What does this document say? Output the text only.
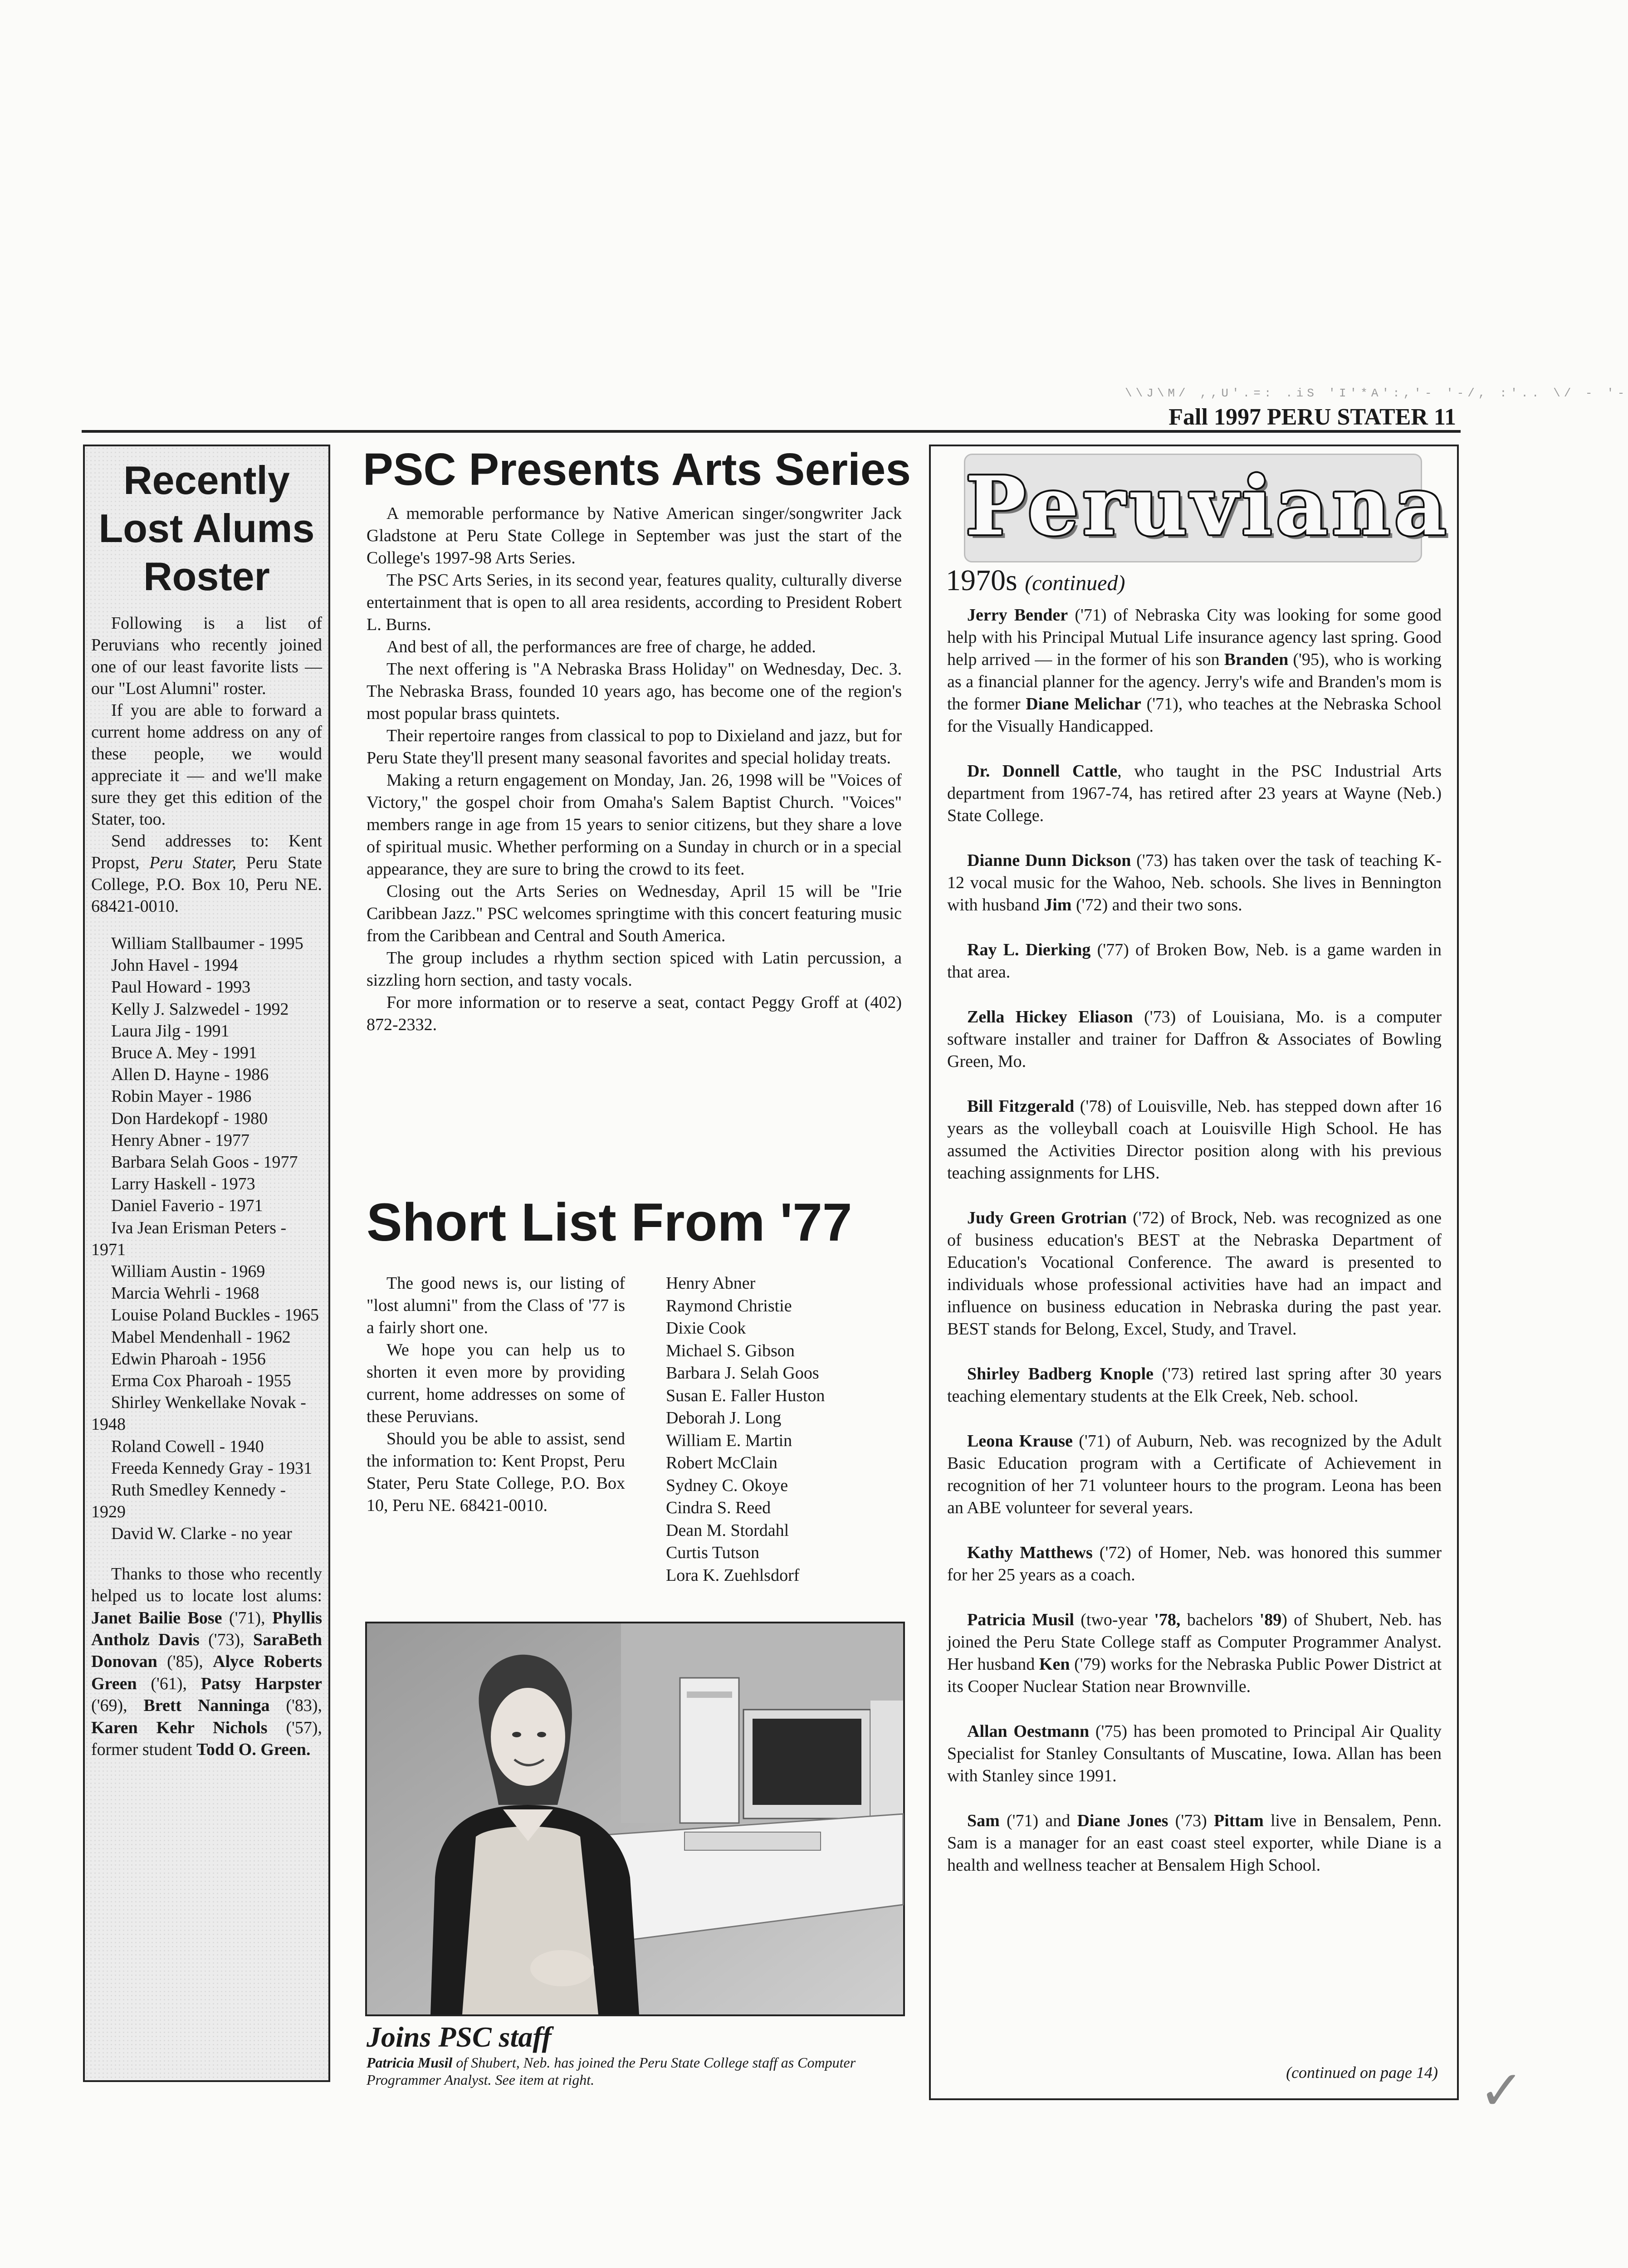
\\J\M/ ,,U'.=: .iS 'I'*A':,'- '-/, :'.. \/ - '-
Fall 1997 PERU STATER 11
Recently
Lost Alums
Roster

Following is a list of Peruvians who recently joined one of our least favorite lists — our "Lost Alumni" roster.

If you are able to forward a current home address on any of these people, we would appreciate it — and we'll make sure they get this edition of the Stater, too.

Send addresses to: Kent Propst, Peru Stater, Peru State College, P.O. Box 10, Peru NE. 68421-0010.

William Stallbaumer - 1995
John Havel - 1994
Paul Howard - 1993
Kelly J. Salzwedel - 1992
Laura Jilg - 1991
Bruce A. Mey - 1991
Allen D. Hayne - 1986
Robin Mayer - 1986
Don Hardekopf - 1980
Henry Abner - 1977
Barbara Selah Goos - 1977
Larry Haskell - 1973
Daniel Faverio - 1971
Iva Jean Erisman Peters - 1971
William Austin - 1969
Marcia Wehrli - 1968
Louise Poland Buckles - 1965
Mabel Mendenhall - 1962
Edwin Pharoah - 1956
Erma Cox Pharoah - 1955
Shirley Wenkellake Novak - 1948
Roland Cowell - 1940
Freeda Kennedy Gray - 1931
Ruth Smedley Kennedy - 1929
David W. Clarke - no year

Thanks to those who recently helped us to locate lost alums: Janet Bailie Bose ('71), Phyllis Antholz Davis ('73), SaraBeth Donovan ('85), Alyce Roberts Green ('61), Patsy Harpster ('69), Brett Nanninga ('83), Karen Kehr Nichols ('57), former student Todd O. Green.

PSC Presents Arts Series

A memorable performance by Native American singer/songwriter Jack Gladstone at Peru State College in September was just the start of the College's 1997-98 Arts Series.

The PSC Arts Series, in its second year, features quality, culturally diverse entertainment that is open to all area residents, according to President Robert L. Burns.

And best of all, the performances are free of charge, he added.

The next offering is "A Nebraska Brass Holiday" on Wednesday, Dec. 3. The Nebraska Brass, founded 10 years ago, has become one of the region's most popular brass quintets.

Their repertoire ranges from classical to pop to Dixieland and jazz, but for Peru State they'll present many seasonal favorites and special holiday treats.

Making a return engagement on Monday, Jan. 26, 1998 will be "Voices of Victory," the gospel choir from Omaha's Salem Baptist Church. "Voices" members range in age from 15 years to senior citizens, but they share a love of spiritual music. Whether performing on a Sunday in church or in a special appearance, they are sure to bring the crowd to its feet.

Closing out the Arts Series on Wednesday, April 15 will be "Irie Caribbean Jazz." PSC welcomes springtime with this concert featuring music from the Caribbean and Central and South America.

The group includes a rhythm section spiced with Latin percussion, a sizzling horn section, and tasty vocals.

For more information or to reserve a seat, contact Peggy Groff at (402) 872-2332.

Short List From '77

The good news is, our listing of "lost alumni" from the Class of '77 is a fairly short one.

We hope you can help us to shorten it even more by providing current, home addresses on some of these Peruvians.

Should you be able to assist, send the information to: Kent Propst, Peru Stater, Peru State College, P.O. Box 10, Peru NE. 68421-0010.

Henry Abner
Raymond Christie
Dixie Cook
Michael S. Gibson
Barbara J. Selah Goos
Susan E. Faller Huston
Deborah J. Long
William E. Martin
Robert McClain
Sydney C. Okoye
Cindra S. Reed
Dean M. Stordahl
Curtis Tutson
Lora K. Zuehlsdorf
Joins PSC staff

Patricia Musil of Shubert, Neb. has joined the Peru State College staff as Computer Programmer Analyst. See item at right.

Peruviana
1970s (continued)

Jerry Bender ('71) of Nebraska City was looking for some good help with his Principal Mutual Life insurance agency last spring. Good help arrived — in the former of his son Branden ('95), who is working as a financial planner for the agency. Jerry's wife and Branden's mom is the former Diane Melichar ('71), who teaches at the Nebraska School for the Visually Handicapped.

Dr. Donnell Cattle, who taught in the PSC Industrial Arts department from 1967-74, has retired after 23 years at Wayne (Neb.) State College.

Dianne Dunn Dickson ('73) has taken over the task of teaching K-12 vocal music for the Wahoo, Neb. schools. She lives in Bennington with husband Jim ('72) and their two sons.

Ray L. Dierking ('77) of Broken Bow, Neb. is a game warden in that area.

Zella Hickey Eliason ('73) of Louisiana, Mo. is a computer software installer and trainer for Daffron & Associates of Bowling Green, Mo.

Bill Fitzgerald ('78) of Louisville, Neb. has stepped down after 16 years as the volleyball coach at Louisville High School. He has assumed the Activities Director position along with his previous teaching assignments for LHS.

Judy Green Grotrian ('72) of Brock, Neb. was recognized as one of business education's BEST at the Nebraska Department of Education's Vocational Conference. The award is presented to individuals whose professional activities have had an impact and influence on business education in Nebraska during the past year. BEST stands for Belong, Excel, Study, and Travel.

Shirley Badberg Knople ('73) retired last spring after 30 years teaching elementary students at the Elk Creek, Neb. school.

Leona Krause ('71) of Auburn, Neb. was recognized by the Adult Basic Education program with a Certificate of Achievement in recognition of her 71 volunteer hours to the program. Leona has been an ABE volunteer for several years.

Kathy Matthews ('72) of Homer, Neb. was honored this summer for her 25 years as a coach.

Patricia Musil (two-year '78, bachelors '89) of Shubert, Neb. has joined the Peru State College staff as Computer Programmer Analyst. Her husband Ken ('79) works for the Nebraska Public Power District at its Cooper Nuclear Station near Brownville.

Allan Oestmann ('75) has been promoted to Principal Air Quality Specialist for Stanley Consultants of Muscatine, Iowa. Allan has been with Stanley since 1991.

Sam ('71) and Diane Jones ('73) Pittam live in Bensalem, Penn. Sam is a manager for an east coast steel exporter, while Diane is a health and wellness teacher at Bensalem High School.

(continued on page 14) ✓
